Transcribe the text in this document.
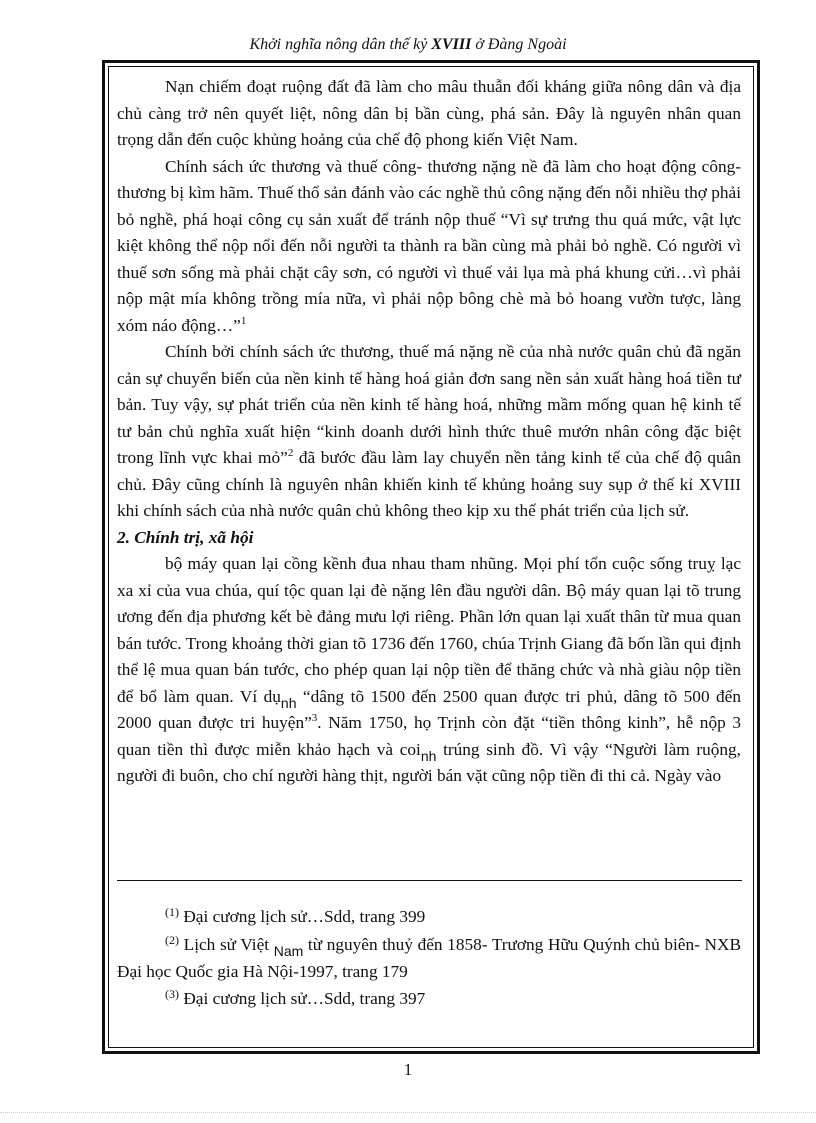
Khởi nghĩa nông dân thế kỷ XVIII ở Đàng Ngoài

Nạn chiếm đoạt ruộng đất đã làm cho mâu thuẫn đối kháng giữa nông dân và địa chủ càng trở nên quyết liệt, nông dân bị bần cùng, phá sản. Đây là nguyên nhân quan trọng dẫn đến cuộc khủng hoảng của chế độ phong kiến Việt Nam.

Chính sách ức thương và thuế công- thương nặng nề đã làm cho hoạt động công- thương bị kìm hãm. Thuế thổ sản đánh vào các nghề thủ công nặng đến nỗi nhiều thợ phải bỏ nghề, phá hoại công cụ sản xuất để tránh nộp thuế “Vì sự trưng thu quá mức, vật lực kiệt không thể nộp nổi đến nỗi người ta thành ra bần cùng mà phải bỏ nghề. Có người vì thuế sơn sống mà phải chặt cây sơn, có người vì thuế vải lụa mà phá khung cửi…vì phải nộp mật mía không trồng mía nữa, vì phải nộp bông chè mà bỏ hoang vườn tược, làng xóm náo động…”$^1$

Chính bởi chính sách ức thương, thuế má nặng nề của nhà nước quân chủ đã ngăn cản sự chuyển biến của nền kinh tế hàng hoá giản đơn sang nền sản xuất hàng hoá tiền tư bản. Tuy vậy, sự phát triển của nền kinh tế hàng hoá, những mầm mống quan hệ kinh tế tư bản chủ nghĩa xuất hiện “kinh doanh dưới hình thức thuê mướn nhân công đặc biệt trong lĩnh vực khai mỏ”$^2$ đã bước đầu làm lay chuyển nền tảng kinh tế của chế độ quân chủ. Đây cũng chính là nguyên nhân khiến kinh tế khủng hoảng suy sụp ở thế kỉ XVIII khi chính sách của nhà nước quân chủ không theo kịp xu thế phát triển của lịch sử.

2. Chính trị, xã hội

bộ máy quan lại cồng kềnh đua nhau tham nhũng. Mọi phí tổn cuộc sống truỵ lạc xa xỉ của vua chúa, quí tộc quan lại đè nặng lên đầu người dân. Bộ máy quan lại tõ trung ương đến địa phương kết bè đảng mưu lợi riêng. Phần lớn quan lại xuất thân từ mua quan bán tước. Trong khoảng thời gian tõ 1736 đến 1760, chúa Trịnh Giang đã bốn lần qui định thể lệ mua quan bán tước, cho phép quan lại nộp tiền để thăng chức và nhà giàu nộp tiền để bổ làm quan. Ví dụ$_{nh}$ “dâng tõ 1500 đến 2500 quan được tri phủ, dâng tõ 500 đến 2000 quan được tri huyện”$^3$. Năm 1750, họ Trịnh còn đặt “tiền thông kinh”, hễ nộp 3 quan tiền thì được miễn khảo hạch và coi$_{nh}$ trúng sinh đồ. Vì vậy “Người làm ruộng, người đi buôn, cho chí người hàng thịt, người bán vặt cũng nộp tiền đi thi cả. Ngày vào

$^{(1)}$ Đại cương lịch sử…Sdd, trang 399

$^{(2)}$ Lịch sử Việt $_{Nam}$ từ nguyên thuỷ đến 1858- Trương Hữu Quýnh chủ biên- NXB Đại học Quốc gia Hà Nội-1997, trang 179

$^{(3)}$ Đại cương lịch sử…Sdd, trang 397

1
